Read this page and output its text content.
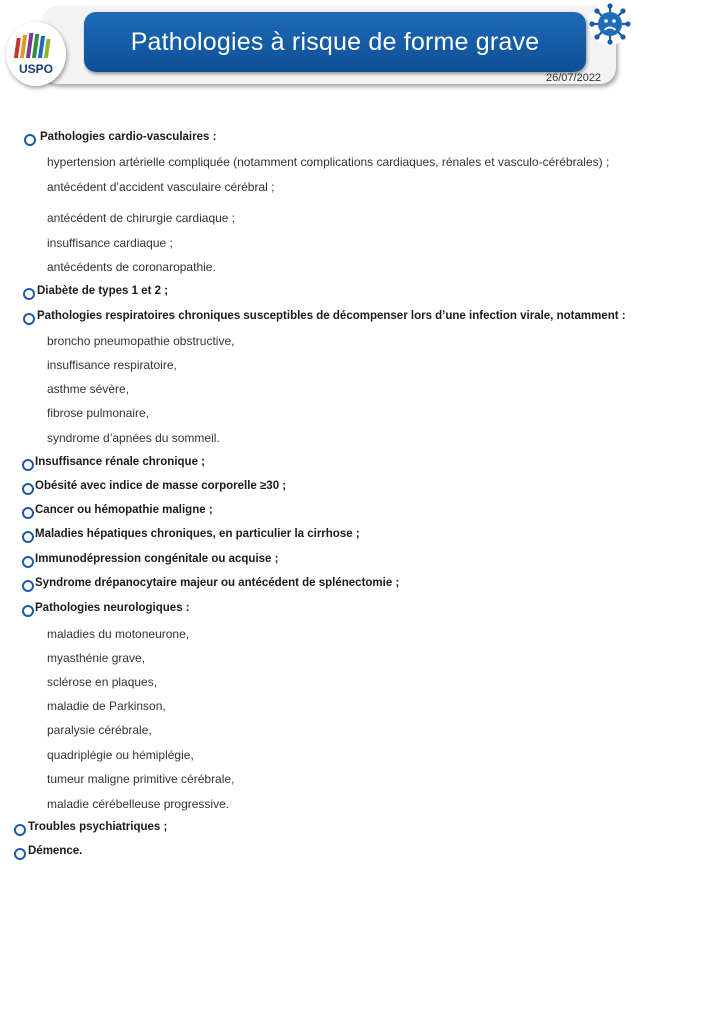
Pathologies à risque de forme grave
USPO
26/07/2022
Pathologies cardio-vasculaires :
hypertension artérielle compliquée (notamment complications cardiaques, rénales et vasculo-cérébrales) ;
antécédent d’accident vasculaire cérébral ;
antécédent de chirurgie cardiaque ;
insuffisance cardiaque ;
antécédents de coronaropathie.
Diabète de types 1 et 2 ;
Pathologies respiratoires chroniques susceptibles de décompenser lors d’une infection virale, notamment :
broncho pneumopathie obstructive,
insuffisance respiratoire,
asthme sévère,
fibrose pulmonaire,
syndrome d’apnées du sommeil.
Insuffisance rénale chronique ;
Obésité avec indice de masse corporelle ≥30 ;
Cancer ou hémopathie maligne ;
Maladies hépatiques chroniques, en particulier la cirrhose ;
Immunodépression congénitale ou acquise ;
Syndrome drépanocytaire majeur ou antécédent de splénectomie ;
Pathologies neurologiques :
maladies du motoneurone,
myasthénie grave,
sclérose en plaques,
maladie de Parkinson,
paralysie cérébrale,
quadriplégie ou hémiplégie,
tumeur maligne primitive cérébrale,
maladie cérébelleuse progressive.
Troubles psychiatriques ;
Démence.
